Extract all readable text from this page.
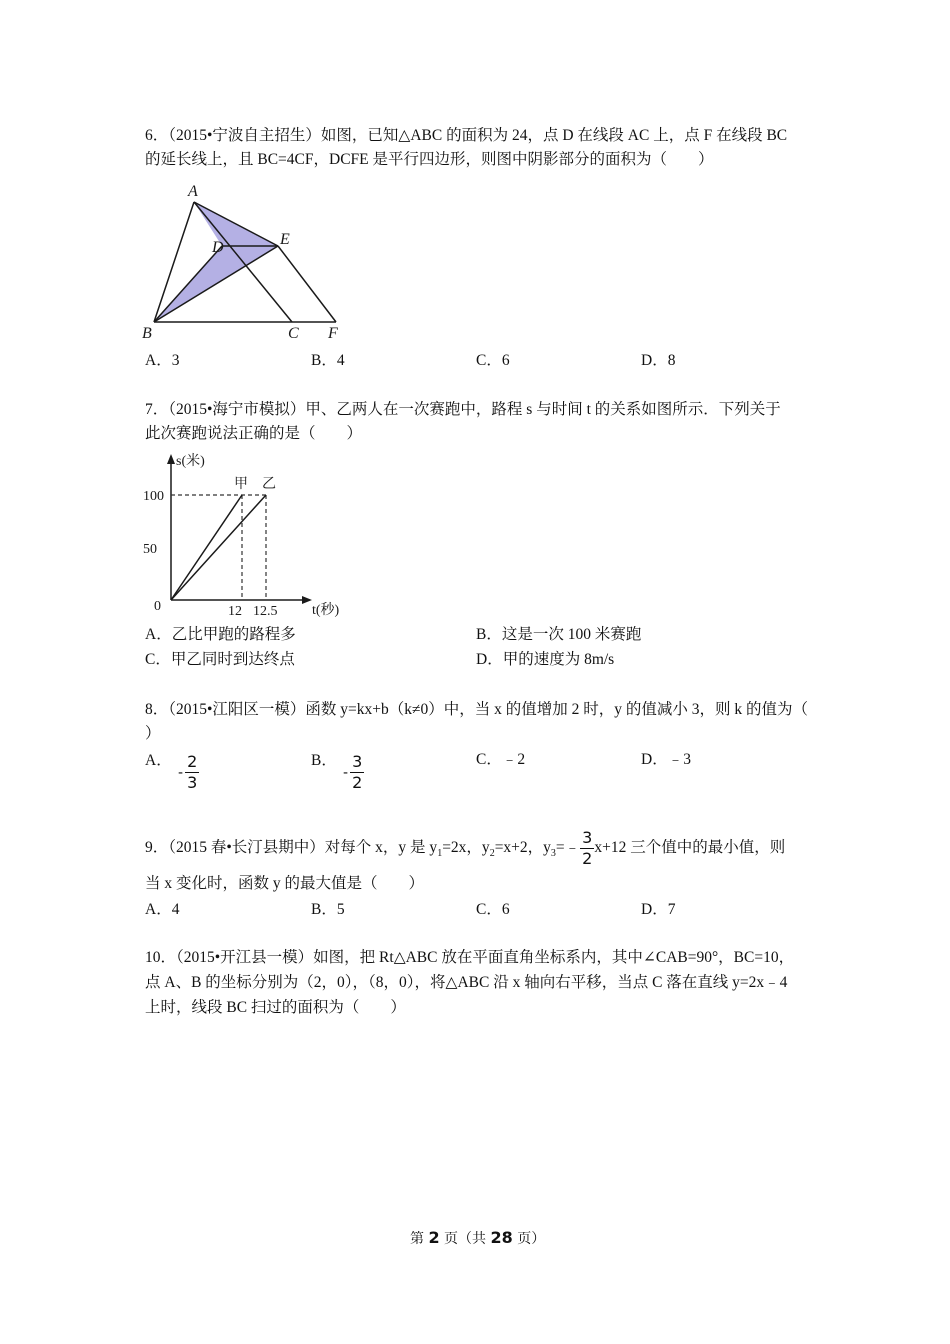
6．（2015•宁波自主招生）如图，已知△ABC 的面积为 24，点 D 在线段 AC 上，点 F 在线段 BC
的延长线上，且 BC=4CF，DCFE 是平行四边形，则图中阴影部分的面积为（　　）
A
B	C
D	E
F
A．3	B．4	C．6	D．8
7．（2015•海宁市模拟）甲、乙两人在一次赛跑中，路程 s 与时间 t 的关系如图所示．下列关于
此次赛跑说法正确的是（　　）
s(米)
t(秒)
100
50
0	12 12.5
甲 乙
A．乙比甲跑的路程多	B．这是一次 100 米赛跑
C．甲乙同时到达终点	D．甲的速度为 8m/s
8．（2015•江阳区一模）函数 y=kx+b（k≠0）中，当 x 的值增加 2 时，y 的值减小 3，则 k 的值为（
）
A．
- $\frac{2}{3}$	B．
- $\frac{3}{2}$	C．﹣2	D．﹣3
9．（2015 春•长汀县期中）对每个 x，y 是 $y_1=2x$，$y_2=x+2$，$y_3=﹣ \frac{3}{2} x+12$ 三个值中的最小值，则
当 x 变化时，函数 y 的最大值是（　　）
A．4	B．5	C．6	D．7
10．（2015•开江县一模）如图，把 Rt△ABC 放在平面直角坐标系内，其中∠CAB=90°，BC=10，
点 A、B 的坐标分别为（2，0），（8，0），将△ABC 沿 x 轴向右平移，当点 C 落在直线 y=2x﹣4
上时，线段 BC 扫过的面积为（　　）
第 2 页（共 28 页）
